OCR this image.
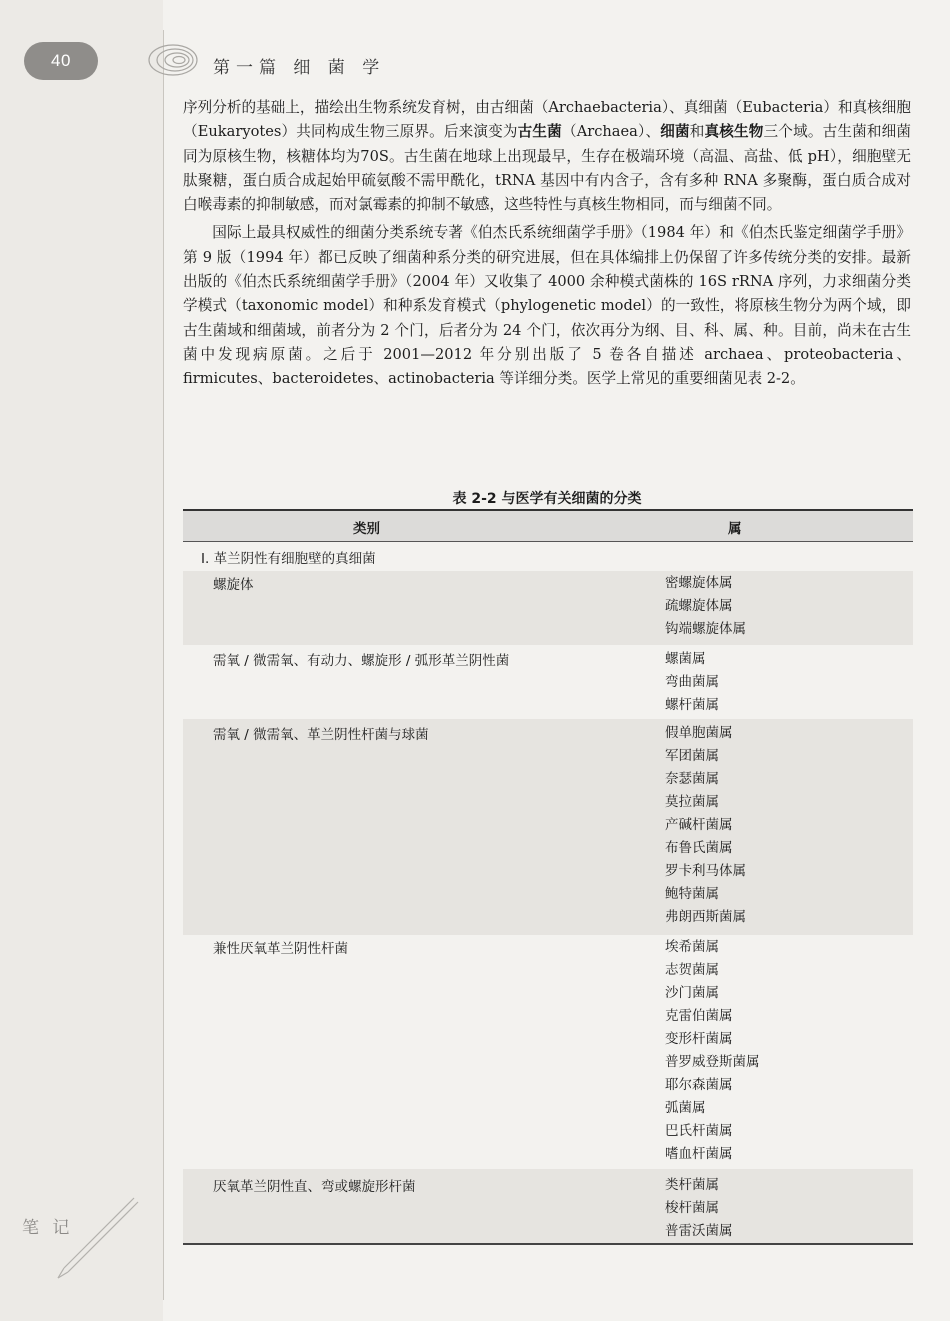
40	第一篇 细 菌 学

序列分析的基础上，描绘出生物系统发育树，由古细菌（Archaebacteria）、真细菌（Eubacteria）和真核细胞（Eukaryotes）共同构成生物三原界。后来演变为古生菌（Archaea）、细菌和真核生物三个域。古生菌和细菌同为原核生物，核糖体均为70S。古生菌在地球上出现最早，生存在极端环境（高温、高盐、低 pH），细胞壁无肽聚糖，蛋白质合成起始甲硫氨酸不需甲酰化，tRNA 基因中有内含子，含有多种 RNA 多聚酶，蛋白质合成对白喉毒素的抑制敏感，而对氯霉素的抑制不敏感，这些特性与真核生物相同，而与细菌不同。

国际上最具权威性的细菌分类系统专著《伯杰氏系统细菌学手册》（1984 年）和《伯杰氏鉴定细菌学手册》第 9 版（1994 年）都已反映了细菌种系分类的研究进展，但在具体编排上仍保留了许多传统分类的安排。最新出版的《伯杰氏系统细菌学手册》（2004 年）又收集了 4000 余种模式菌株的 16S rRNA 序列，力求细菌分类学模式（taxonomic model）和种系发育模式（phylogenetic model）的一致性，将原核生物分为两个域，即古生菌域和细菌域，前者分为 2 个门，后者分为 24 个门，依次再分为纲、目、科、属、种。目前，尚未在古生菌中发现病原菌。之后于 2001—2012 年分别出版了 5 卷各自描述 archaea、proteobacteria、firmicutes、bacteroidetes、actinobacteria 等详细分类。医学上常见的重要细菌见表 2-2。

表 2-2 与医学有关细菌的分类
类别	属
Ⅰ. 革兰阴性有细胞壁的真细菌
螺旋体	密螺旋体属
疏螺旋体属
钩端螺旋体属
需氧 / 微需氧、有动力、螺旋形 / 弧形革兰阴性菌	螺菌属
弯曲菌属
螺杆菌属
需氧 / 微需氧、革兰阴性杆菌与球菌	假单胞菌属
军团菌属
奈瑟菌属
莫拉菌属
产碱杆菌属
布鲁氏菌属
罗卡利马体属
鲍特菌属
弗朗西斯菌属
兼性厌氧革兰阴性杆菌	埃希菌属
志贺菌属
沙门菌属
克雷伯菌属
变形杆菌属
普罗威登斯菌属
耶尔森菌属
弧菌属
巴氏杆菌属
嗜血杆菌属
厌氧革兰阴性直、弯或螺旋形杆菌	类杆菌属
梭杆菌属
普雷沃菌属
笔 记
